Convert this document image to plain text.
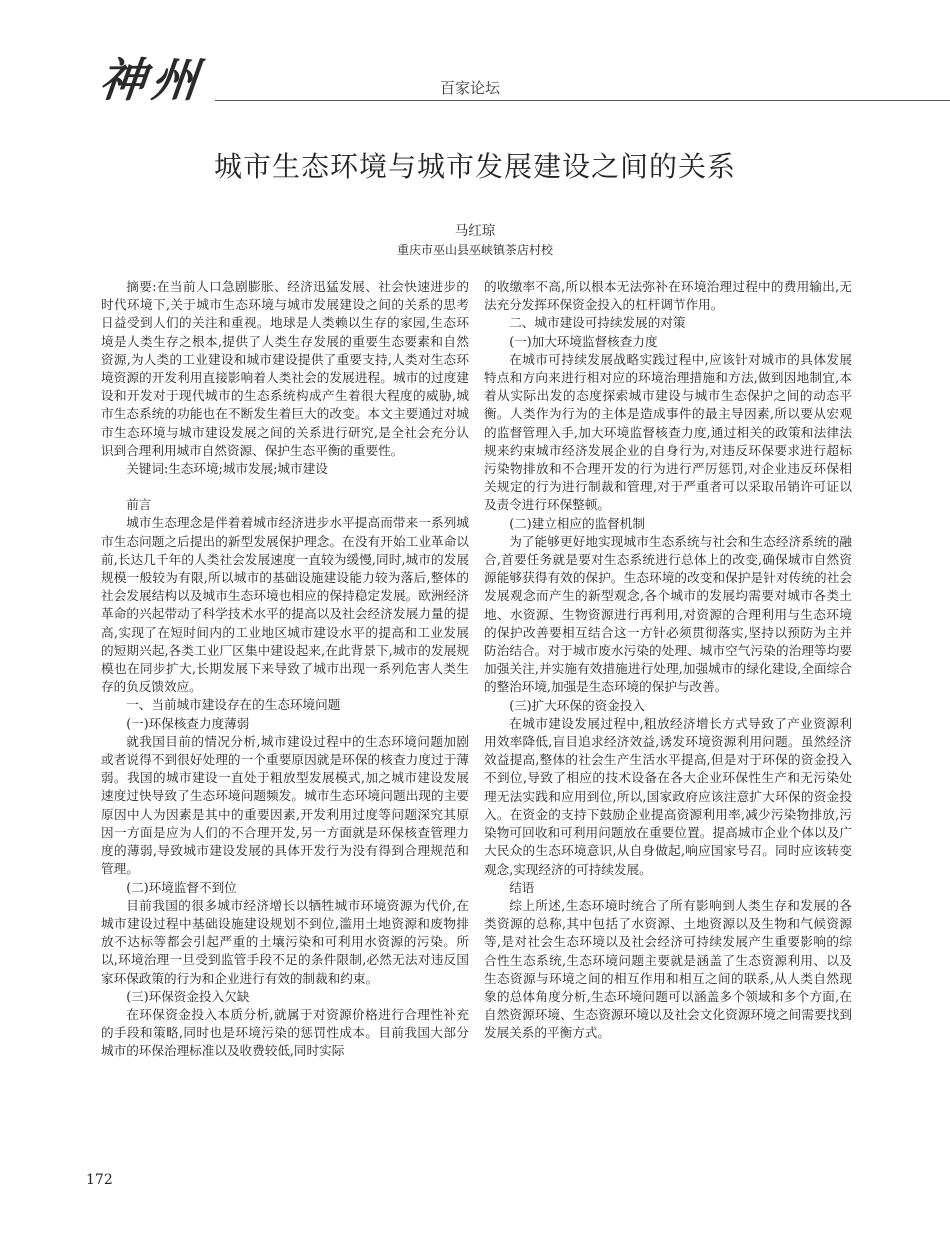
神州	百家论坛
城市生态环境与城市发展建设之间的关系
马红琼
重庆市巫山县巫峡镇茶店村校

摘要:在当前人口急剧膨胀、经济迅猛发展、社会快速进步的时代环境下,关于城市生态环境与城市发展建设之间的关系的思考日益受到人们的关注和重视。地球是人类赖以生存的家园,生态环境是人类生存之根本,提供了人类生存发展的重要生态要素和自然资源,为人类的工业建设和城市建设提供了重要支持,人类对生态环境资源的开发利用直接影响着人类社会的发展进程。城市的过度建设和开发对于现代城市的生态系统构成产生着很大程度的威胁,城市生态系统的功能也在不断发生着巨大的改变。本文主要通过对城市生态环境与城市建设发展之间的关系进行研究,是全社会充分认识到合理利用城市自然资源、保护生态平衡的重要性。

关键词:生态环境;城市发展;城市建设

前言

城市生态理念是伴着着城市经济进步水平提高而带来一系列城市生态问题之后提出的新型发展保护理念。在没有开始工业革命以前,长达几千年的人类社会发展速度一直较为缓慢,同时,城市的发展规模一般较为有限,所以城市的基础设施建设能力较为落后,整体的社会发展结构以及城市生态环境也相应的保持稳定发展。欧洲经济革命的兴起带动了科学技术水平的提高以及社会经济发展力量的提高,实现了在短时间内的工业地区城市建设水平的提高和工业发展的短期兴起,各类工业厂区集中建设起来,在此背景下,城市的发展规模也在同步扩大,长期发展下来导致了城市出现一系列危害人类生存的负反馈效应。

一、当前城市建设存在的生态环境问题

(一)环保核查力度薄弱

就我国目前的情况分析,城市建设过程中的生态环境问题加剧或者说得不到很好处理的一个重要原因就是环保的核查力度过于薄弱。我国的城市建设一直处于粗放型发展模式,加之城市建设发展速度过快导致了生态环境问题频发。城市生态环境问题出现的主要原因中人为因素是其中的重要因素,开发利用过度等问题深究其原因一方面是应为人们的不合理开发,另一方面就是环保核查管理力度的薄弱,导致城市建设发展的具体开发行为没有得到合理规范和管理。

(二)环境监督不到位

目前我国的很多城市经济增长以牺牲城市环境资源为代价,在城市建设过程中基础设施建设规划不到位,滥用土地资源和废物排放不达标等都会引起严重的土壤污染和可利用水资源的污染。所以,环境治理一旦受到监管手段不足的条件限制,必然无法对违反国家环保政策的行为和企业进行有效的制裁和约束。

(三)环保资金投入欠缺

在环保资金投入本质分析,就属于对资源价格进行合理性补充的手段和策略,同时也是环境污染的惩罚性成本。目前我国大部分城市的环保治理标准以及收费较低,同时实际

的收缴率不高,所以根本无法弥补在环境治理过程中的费用输出,无法充分发挥环保资金投入的杠杆调节作用。

二、城市建设可持续发展的对策

(一)加大环境监督核查力度

在城市可持续发展战略实践过程中,应该针对城市的具体发展特点和方向来进行相对应的环境治理措施和方法,做到因地制宜,本着从实际出发的态度探索城市建设与城市生态保护之间的动态平衡。人类作为行为的主体是造成事件的最主导因素,所以要从宏观的监督管理入手,加大环境监督核查力度,通过相关的政策和法律法规来约束城市经济发展企业的自身行为,对违反环保要求进行超标污染物排放和不合理开发的行为进行严厉惩罚,对企业违反环保相关规定的行为进行制裁和管理,对于严重者可以采取吊销许可证以及责令进行环保整顿。

(二)建立相应的监督机制

为了能够更好地实现城市生态系统与社会和生态经济系统的融合,首要任务就是要对生态系统进行总体上的改变,确保城市自然资源能够获得有效的保护。生态环境的改变和保护是针对传统的社会发展观念而产生的新型观念,各个城市的发展均需要对城市各类土地、水资源、生物资源进行再利用,对资源的合理利用与生态环境的保护改善要相互结合这一方针必须贯彻落实,坚持以预防为主并防治结合。对于城市废水污染的处理、城市空气污染的治理等均要加强关注,并实施有效措施进行处理,加强城市的绿化建设,全面综合的整治环境,加强是生态环境的保护与改善。

(三)扩大环保的资金投入

在城市建设发展过程中,粗放经济增长方式导致了产业资源利用效率降低,盲目追求经济效益,诱发环境资源利用问题。虽然经济效益提高,整体的社会生产生活水平提高,但是对于环保的资金投入不到位,导致了相应的技术设备在各大企业环保性生产和无污染处理无法实践和应用到位,所以,国家政府应该注意扩大环保的资金投入。在资金的支持下鼓励企业提高资源利用率,减少污染物排放,污染物可回收和可利用问题放在重要位置。提高城市企业个体以及广大民众的生态环境意识,从自身做起,响应国家号召。同时应该转变观念,实现经济的可持续发展。

结语

综上所述,生态环境时统合了所有影响到人类生存和发展的各类资源的总称,其中包括了水资源、土地资源以及生物和气候资源等,是对社会生态环境以及社会经济可持续发展产生重要影响的综合性生态系统,生态环境问题主要就是涵盖了生态资源利用、以及生态资源与环境之间的相互作用和相互之间的联系,从人类自然现象的总体角度分析,生态环境问题可以涵盖多个领域和多个方面,在自然资源环境、生态资源环境以及社会文化资源环境之间需要找到发展关系的平衡方式。

172
